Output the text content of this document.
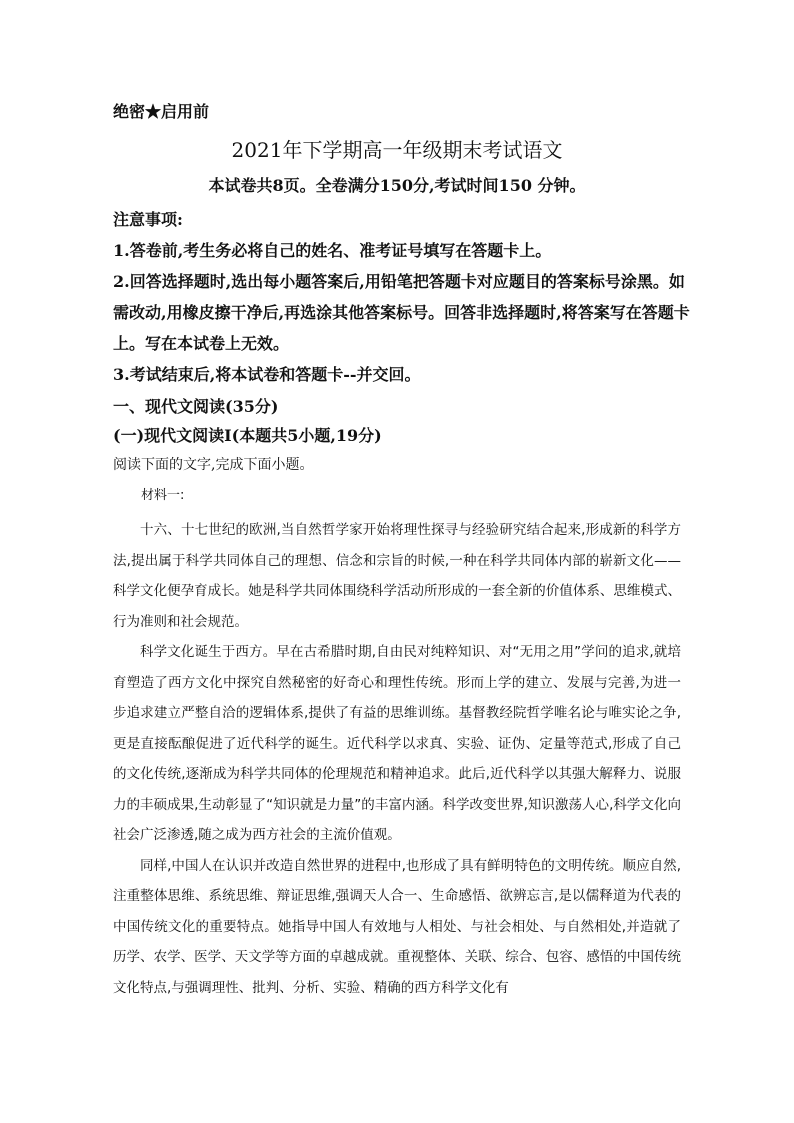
绝密★启用前
2021年下学期高一年级期末考试语文
本试卷共8页。全卷满分150分,考试时间150 分钟。

注意事项:

1.答卷前,考生务必将自己的姓名、准考证号填写在答题卡上。

2.回答选择题时,选出每小题答案后,用铅笔把答题卡对应题目的答案标号涂黑。如需改动,用橡皮擦干净后,再选涂其他答案标号。回答非选择题时,将答案写在答题卡上。写在本试卷上无效。

3.考试结束后,将本试卷和答题卡--并交回。

一、现代文阅读(35分)
(一)现代文阅读Ⅰ(本题共5小题,19分)
阅读下面的文字,完成下面小题。
材料一:

十六、十七世纪的欧洲,当自然哲学家开始将理性探寻与经验研究结合起来,形成新的科学方法,提出属于科学共同体自己的理想、信念和宗旨的时候,一种在科学共同体内部的崭新文化——科学文化便孕育成长。她是科学共同体围绕科学活动所形成的一套全新的价值体系、思维模式、行为准则和社会规范。

科学文化诞生于西方。早在古希腊时期,自由民对纯粹知识、对“无用之用”学问的追求,就培育塑造了西方文化中探究自然秘密的好奇心和理性传统。形而上学的建立、发展与完善,为进一步追求建立严整自洽的逻辑体系,提供了有益的思维训练。基督教经院哲学唯名论与唯实论之争,更是直接酝酿促进了近代科学的诞生。近代科学以求真、实验、证伪、定量等范式,形成了自己的文化传统,逐渐成为科学共同体的伦理规范和精神追求。此后,近代科学以其强大解释力、说服力的丰硕成果,生动彰显了“知识就是力量”的丰富内涵。科学改变世界,知识激荡人心,科学文化向社会广泛渗透,随之成为西方社会的主流价值观。

同样,中国人在认识并改造自然世界的进程中,也形成了具有鲜明特色的文明传统。顺应自然,注重整体思维、系统思维、辩证思维,强调天人合一、生命感悟、欲辨忘言,是以儒释道为代表的中国传统文化的重要特点。她指导中国人有效地与人相处、与社会相处、与自然相处,并造就了历学、农学、医学、天文学等方面的卓越成就。重视整体、关联、综合、包容、感悟的中国传统文化特点,与强调理性、批判、分析、实验、精确的西方科学文化有
